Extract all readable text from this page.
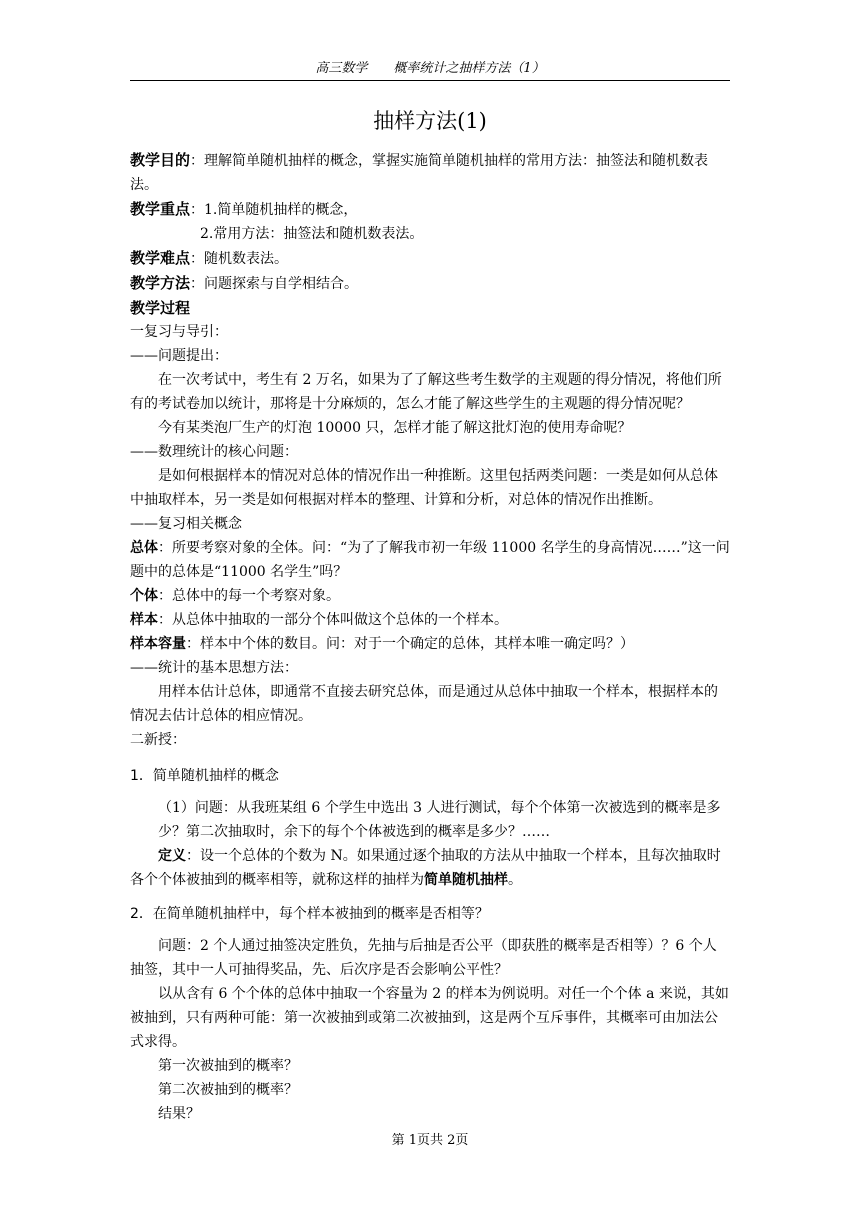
高三数学 概率统计之抽样方法（1）

抽样方法(1)

教学目的：理解简单随机抽样的概念，掌握实施简单随机抽样的常用方法：抽签法和随机数表法。

教学重点：1.简单随机抽样的概念，

2.常用方法：抽签法和随机数表法。

教学难点：随机数表法。

教学方法：问题探索与自学相结合。

教学过程

一复习与导引：

——问题提出：

在一次考试中，考生有 2 万名，如果为了了解这些考生数学的主观题的得分情况，将他们所有的考试卷加以统计，那将是十分麻烦的，怎么才能了解这些学生的主观题的得分情况呢？

今有某类泡厂生产的灯泡 10000 只，怎样才能了解这批灯泡的使用寿命呢？

——数理统计的核心问题：

是如何根据样本的情况对总体的情况作出一种推断。这里包括两类问题：一类是如何从总体中抽取样本，另一类是如何根据对样本的整理、计算和分析，对总体的情况作出推断。

——复习相关概念

总体：所要考察对象的全体。问：“为了了解我市初一年级 11000 名学生的身高情况……”这一问题中的总体是“11000 名学生”吗？

个体：总体中的每一个考察对象。

样本：从总体中抽取的一部分个体叫做这个总体的一个样本。

样本容量：样本中个体的数目。问：对于一个确定的总体，其样本唯一确定吗？）

——统计的基本思想方法：

用样本估计总体，即通常不直接去研究总体，而是通过从总体中抽取一个样本，根据样本的情况去估计总体的相应情况。

二新授：

1．简单随机抽样的概念

（1）问题：从我班某组 6 个学生中选出 3 人进行测试，每个个体第一次被选到的概率是多少？第二次抽取时，余下的每个个体被选到的概率是多少？……

定义：设一个总体的个数为 N。如果通过逐个抽取的方法从中抽取一个样本，且每次抽取时各个个体被抽到的概率相等，就称这样的抽样为简单随机抽样。

2．在简单随机抽样中，每个样本被抽到的概率是否相等？

问题：2 个人通过抽签决定胜负，先抽与后抽是否公平（即获胜的概率是否相等）？6 个人抽签，其中一人可抽得奖品，先、后次序是否会影响公平性？

以从含有 6 个个体的总体中抽取一个容量为 2 的样本为例说明。对任一个个体 a 来说，其如被抽到，只有两种可能：第一次被抽到或第二次被抽到，这是两个互斥事件，其概率可由加法公式求得。

第一次被抽到的概率？

第二次被抽到的概率？

结果？

第 1页共 2页
